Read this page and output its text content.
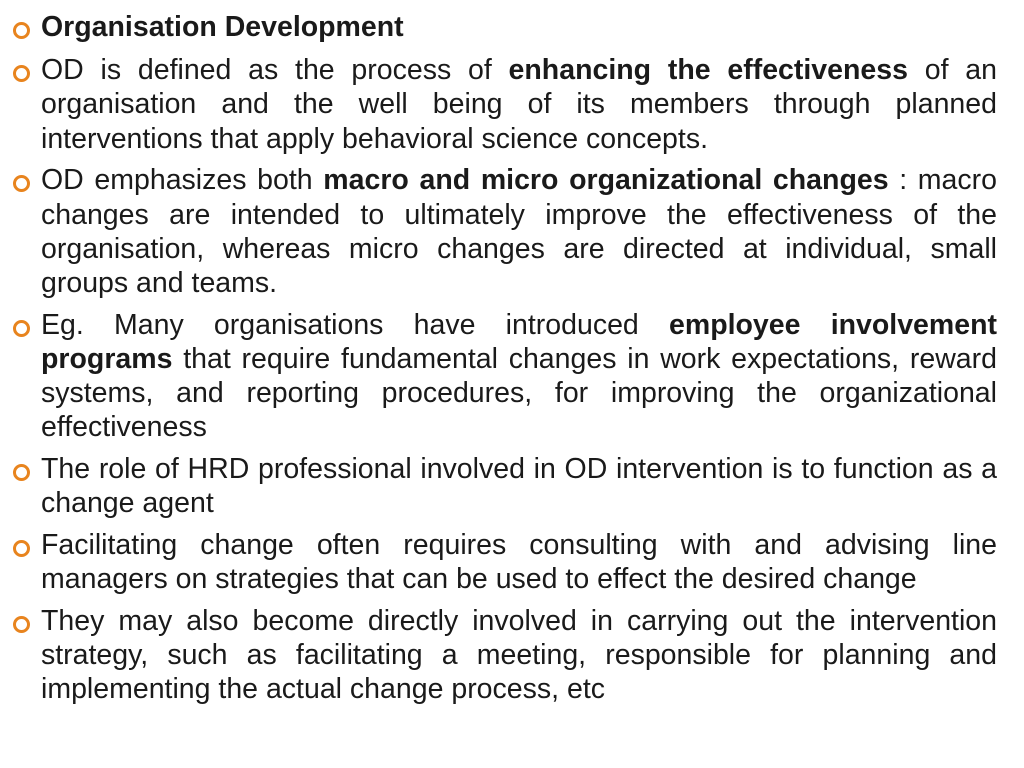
Organisation Development
OD is defined as the process of enhancing the effectiveness of an organisation and the well being of its members through planned interventions that apply behavioral science concepts.
OD emphasizes both macro and micro organizational changes : macro changes are intended to ultimately improve the effectiveness of the organisation, whereas micro changes are directed at individual, small groups and teams.
Eg. Many organisations have introduced employee involvement programs that require fundamental changes in work expectations, reward systems, and reporting procedures, for improving the organizational effectiveness
The role of HRD professional involved in OD intervention is to function as a change agent
Facilitating change often requires consulting with and advising line managers on strategies that can be used to effect the desired change
They may also become directly involved in carrying out the intervention strategy, such as facilitating a meeting, responsible for planning and implementing the actual change process, etc
